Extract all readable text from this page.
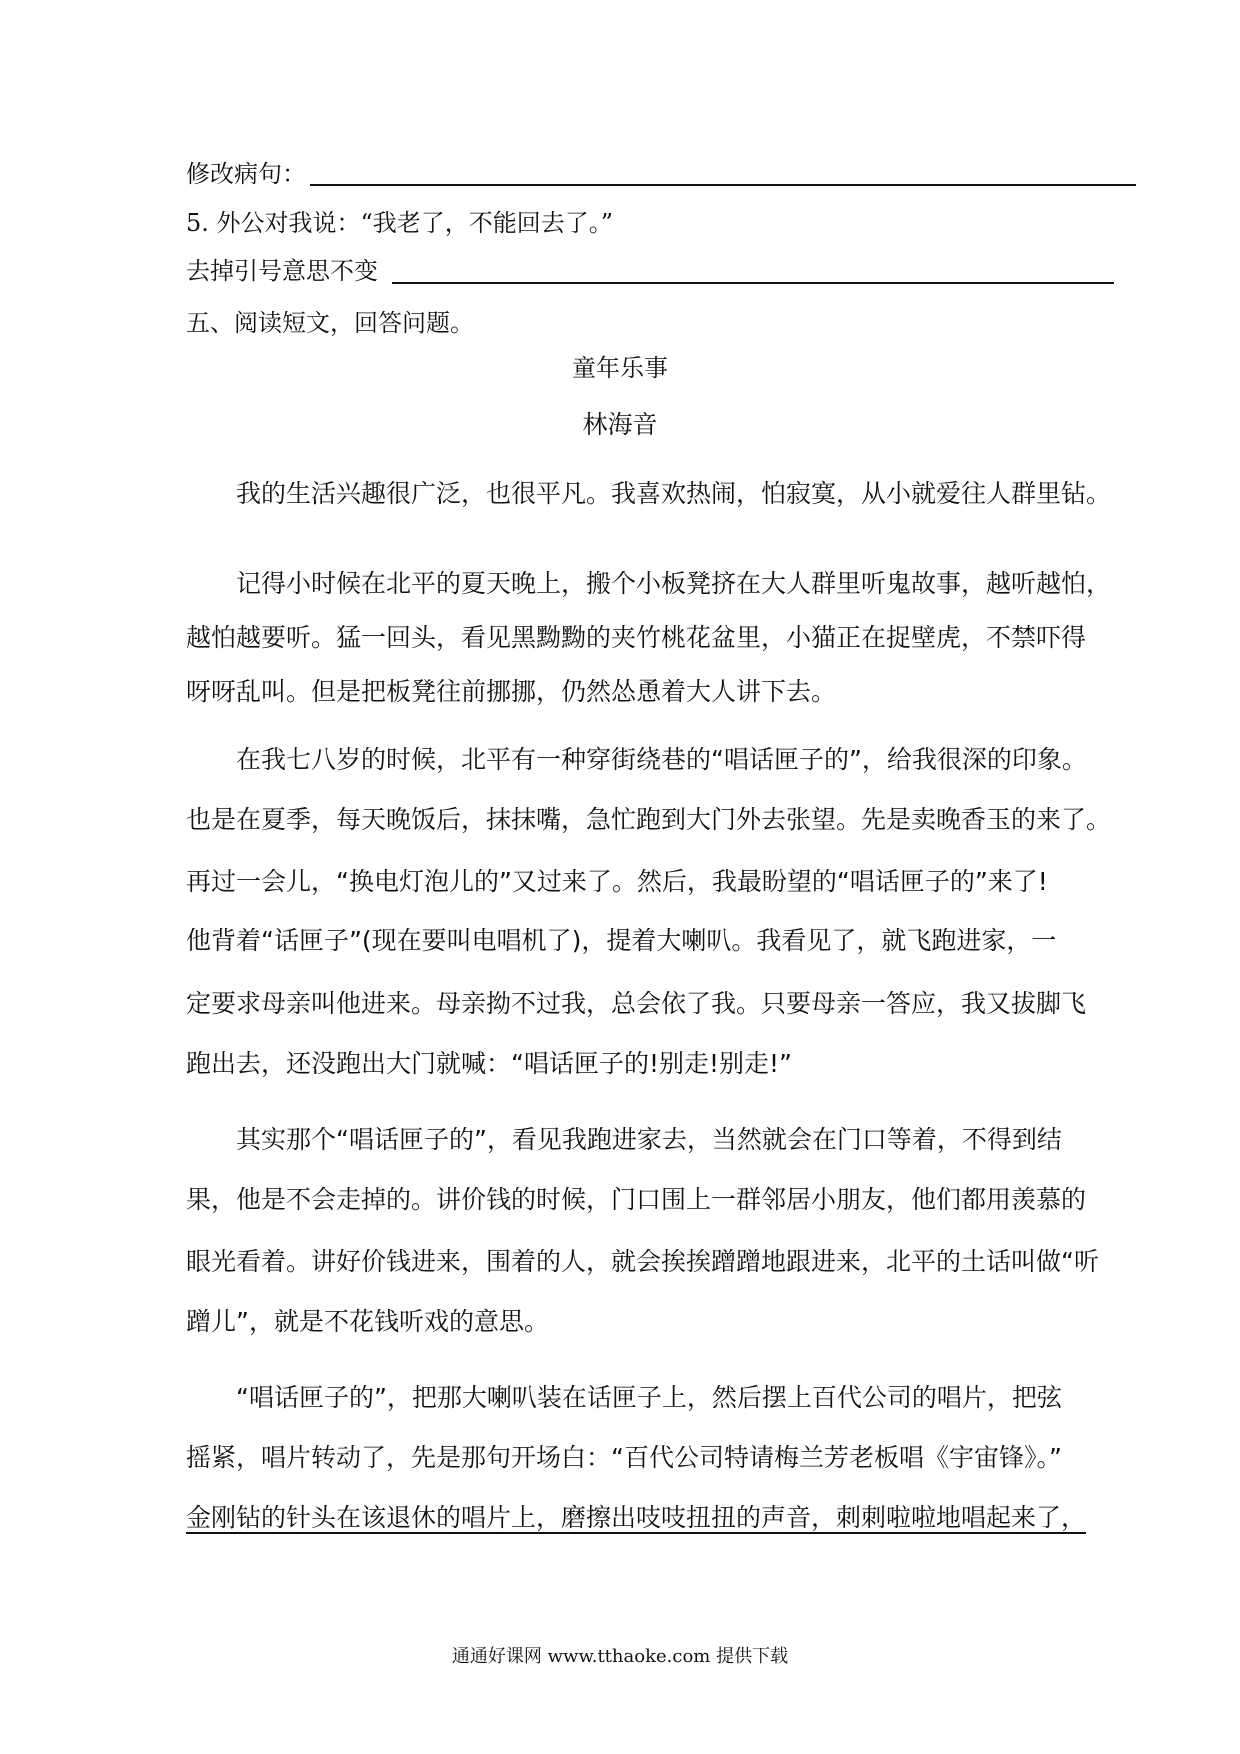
修改病句：
5. 外公对我说：“我老了，不能回去了。”
去掉引号意思不变
五、阅读短文，回答问题。
童年乐事
林海音
我的生活兴趣很广泛，也很平凡。我喜欢热闹，怕寂寞，从小就爱往人群里钻。
记得小时候在北平的夏天晚上，搬个小板凳挤在大人群里听鬼故事，越听越怕，
越怕越要听。猛一回头，看见黑黝黝的夹竹桃花盆里，小猫正在捉壁虎，不禁吓得
呀呀乱叫。但是把板凳往前挪挪，仍然怂恿着大人讲下去。
在我七八岁的时候，北平有一种穿街绕巷的“唱话匣子的”，给我很深的印象。
也是在夏季，每天晚饭后，抹抹嘴，急忙跑到大门外去张望。先是卖晚香玉的来了。
再过一会儿，“换电灯泡儿的”又过来了。然后，我最盼望的“唱话匣子的”来了!
他背着“话匣子”(现在要叫电唱机了)，提着大喇叭。我看见了，就飞跑进家，一
定要求母亲叫他进来。母亲拗不过我，总会依了我。只要母亲一答应，我又拔脚飞
跑出去，还没跑出大门就喊：“唱话匣子的!别走!别走!”
其实那个“唱话匣子的”，看见我跑进家去，当然就会在门口等着，不得到结
果，他是不会走掉的。讲价钱的时候，门口围上一群邻居小朋友，他们都用羡慕的
眼光看着。讲好价钱进来，围着的人，就会挨挨蹭蹭地跟进来，北平的土话叫做“听
蹭儿”，就是不花钱听戏的意思。
“唱话匣子的”，把那大喇叭装在话匣子上，然后摆上百代公司的唱片，把弦
摇紧，唱片转动了，先是那句开场白：“百代公司特请梅兰芳老板唱《宇宙锋》。”
金刚钻的针头在该退休的唱片上，磨擦出吱吱扭扭的声音，刺刺啦啦地唱起来了，
通通好课网 www.tthaoke.com 提供下载
